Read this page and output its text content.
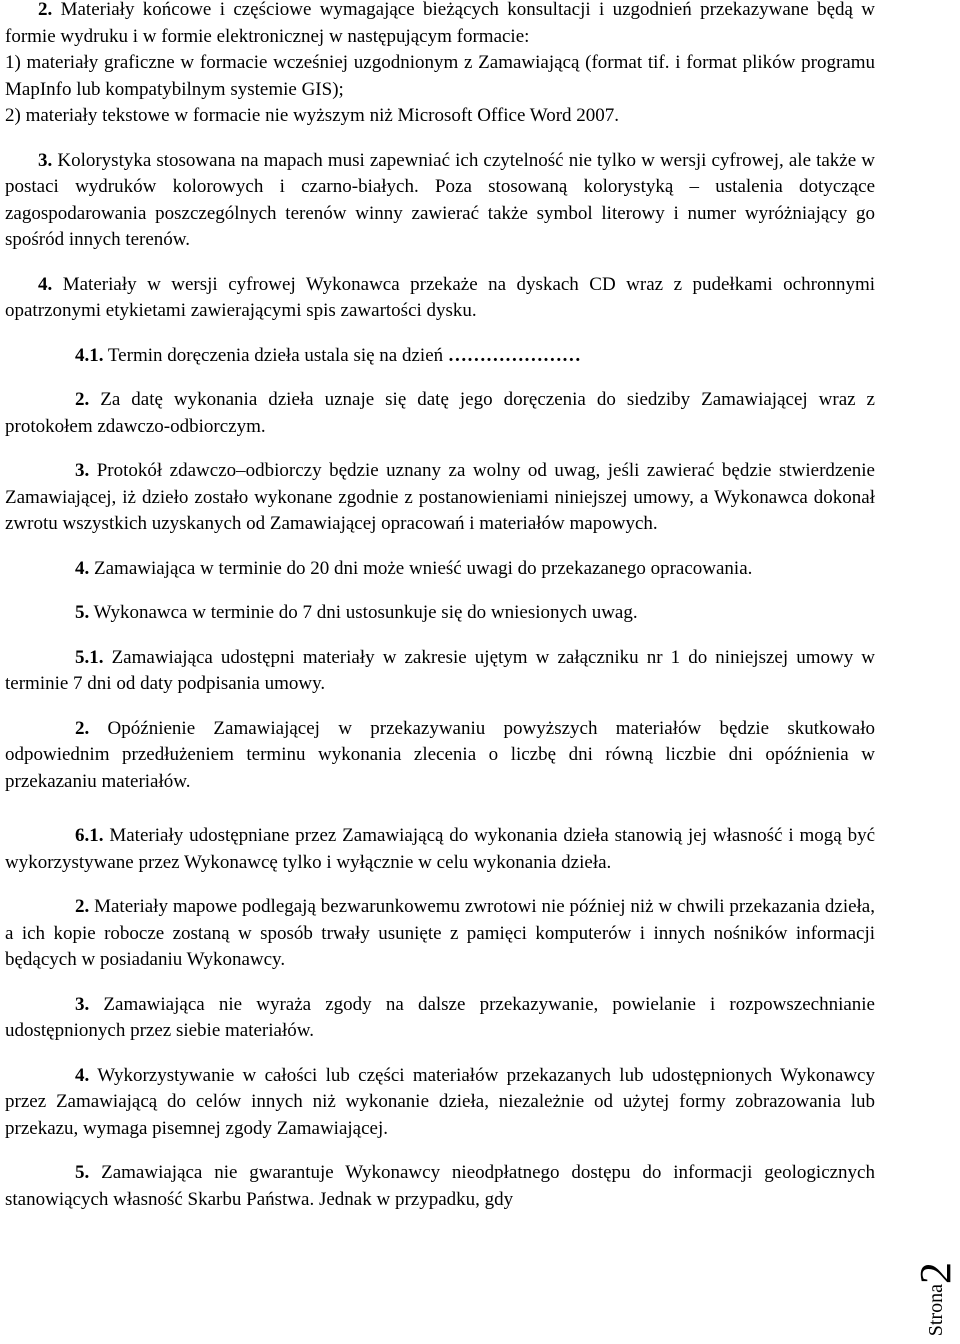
2. Materiały końcowe i częściowe wymagające bieżących konsultacji i uzgodnień przekazywane będą w formie wydruku i w formie elektronicznej w następującym formacie:

1) materiały graficzne w formacie wcześniej uzgodnionym z Zamawiającą (format tif. i format plików programu MapInfo lub kompatybilnym systemie GIS);

2) materiały tekstowe w formacie nie wyższym niż Microsoft Office Word 2007.

3. Kolorystyka stosowana na mapach musi zapewniać ich czytelność nie tylko w wersji cyfrowej, ale także w postaci wydruków kolorowych i czarno-białych. Poza stosowaną kolorystyką – ustalenia dotyczące zagospodarowania poszczególnych terenów winny zawierać także symbol literowy i numer wyróżniający go spośród innych terenów.

4. Materiały w wersji cyfrowej Wykonawca przekaże na dyskach CD wraz z pudełkami ochronnymi opatrzonymi etykietami zawierającymi spis zawartości dysku.

4.1. Termin doręczenia dzieła ustala się na dzień …………………

2. Za datę wykonania dzieła uznaje się datę jego doręczenia do siedziby Zamawiającej wraz z protokołem zdawczo-odbiorczym.

3. Protokół zdawczo–odbiorczy będzie uznany za wolny od uwag, jeśli zawierać będzie stwierdzenie Zamawiającej, iż dzieło zostało wykonane zgodnie z postanowieniami niniejszej umowy, a Wykonawca dokonał zwrotu wszystkich uzyskanych od Zamawiającej opracowań i materiałów mapowych.

4. Zamawiająca w terminie do 20 dni może wnieść uwagi do przekazanego opracowania.

5. Wykonawca w terminie do 7 dni ustosunkuje się do wniesionych uwag.

5.1. Zamawiająca udostępni materiały w zakresie ujętym w załączniku nr 1 do niniejszej umowy w terminie 7 dni od daty podpisania umowy.

2. Opóźnienie Zamawiającej w przekazywaniu powyższych materiałów będzie skutkowało odpowiednim przedłużeniem terminu wykonania zlecenia o liczbę dni równą liczbie dni opóźnienia w przekazaniu materiałów.

6.1. Materiały udostępniane przez Zamawiającą do wykonania dzieła stanowią jej własność i mogą być wykorzystywane przez Wykonawcę tylko i wyłącznie w celu wykonania dzieła.

2. Materiały mapowe podlegają bezwarunkowemu zwrotowi nie później niż w chwili przekazania dzieła, a ich kopie robocze zostaną w sposób trwały usunięte z pamięci komputerów i innych nośników informacji będących w posiadaniu Wykonawcy.

3. Zamawiająca nie wyraża zgody na dalsze przekazywanie, powielanie i rozpowszechnianie udostępnionych przez siebie materiałów.

4. Wykorzystywanie w całości lub części materiałów przekazanych lub udostępnionych Wykonawcy przez Zamawiającą do celów innych niż wykonanie dzieła, niezależnie od użytej formy zobrazowania lub przekazu, wymaga pisemnej zgody Zamawiającej.

5. Zamawiająca nie gwarantuje Wykonawcy nieodpłatnego dostępu do informacji geologicznych stanowiących własność Skarbu Państwa. Jednak w przypadku, gdy

Strona2
